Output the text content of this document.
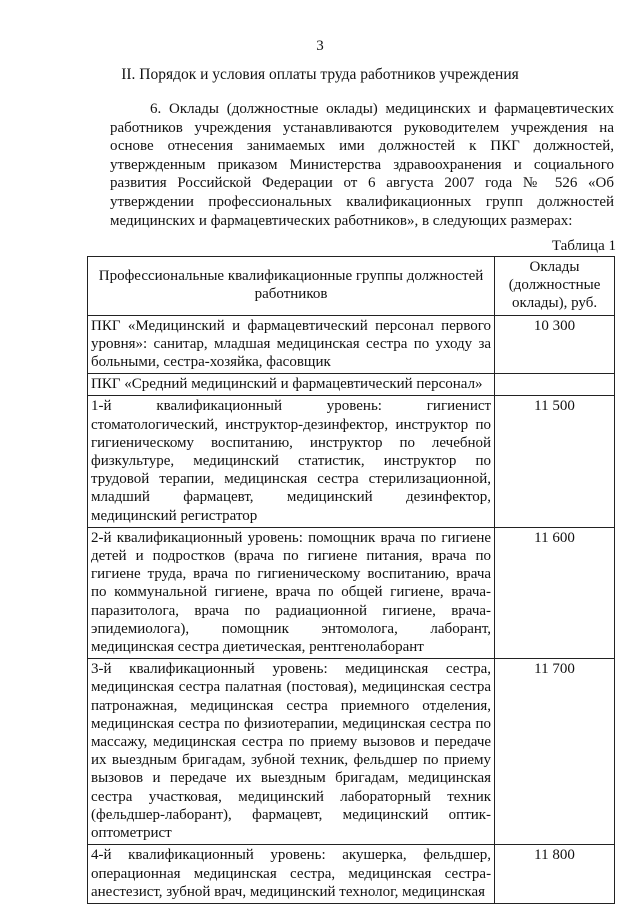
3
II. Порядок и условия оплаты труда работников учреждения
6. Оклады (должностные оклады) медицинских и фармацевтических работников учреждения устанавливаются руководителем учреждения на основе отнесения занимаемых ими должностей к ПКГ должностей, утвержденным приказом Министерства здравоохранения и социального развития Российской Федерации от 6 августа 2007 года № 526 «Об утверждении профессиональных квалификационных групп должностей медицинских и фармацевтических работников», в следующих размерах:
Таблица 1
Профессиональные квалификационные группы должностей работников	Оклады (должностные оклады), руб.
ПКГ «Медицинский и фармацевтический персонал первого уровня»: санитар, младшая медицинская сестра по уходу за больными, сестра-хозяйка, фасовщик	10 300
ПКГ «Средний медицинский и фармацевтический персонал»	
1-й квалификационный уровень: гигиенист стоматологический, инструктор-дезинфектор, инструктор по гигиеническому воспитанию, инструктор по лечебной физкультуре, медицинский статистик, инструктор по трудовой терапии, медицинская сестра стерилизационной, младший фармацевт, медицинский дезинфектор, медицинский регистратор	11 500
2-й квалификационный уровень: помощник врача по гигиене детей и подростков (врача по гигиене питания, врача по гигиене труда, врача по гигиеническому воспитанию, врача по коммунальной гигиене, врача по общей гигиене, врача-паразитолога, врача по радиационной гигиене, врача-эпидемиолога), помощник энтомолога, лаборант, медицинская сестра диетическая, рентгенолаборант	11 600
3-й квалификационный уровень: медицинская сестра, медицинская сестра палатная (постовая), медицинская сестра патронажная, медицинская сестра приемного отделения, медицинская сестра по физиотерапии, медицинская сестра по массажу, медицинская сестра по приему вызовов и передаче их выездным бригадам, зубной техник, фельдшер по приему вызовов и передаче их выездным бригадам, медицинская сестра участковая, медицинский лабораторный техник (фельдшер-лаборант), фармацевт, медицинский оптик-оптометрист	11 700
4-й квалификационный уровень: акушерка, фельдшер, операционная медицинская сестра, медицинская сестра-анестезист, зубной врач, медицинский технолог, медицинская	11 800
